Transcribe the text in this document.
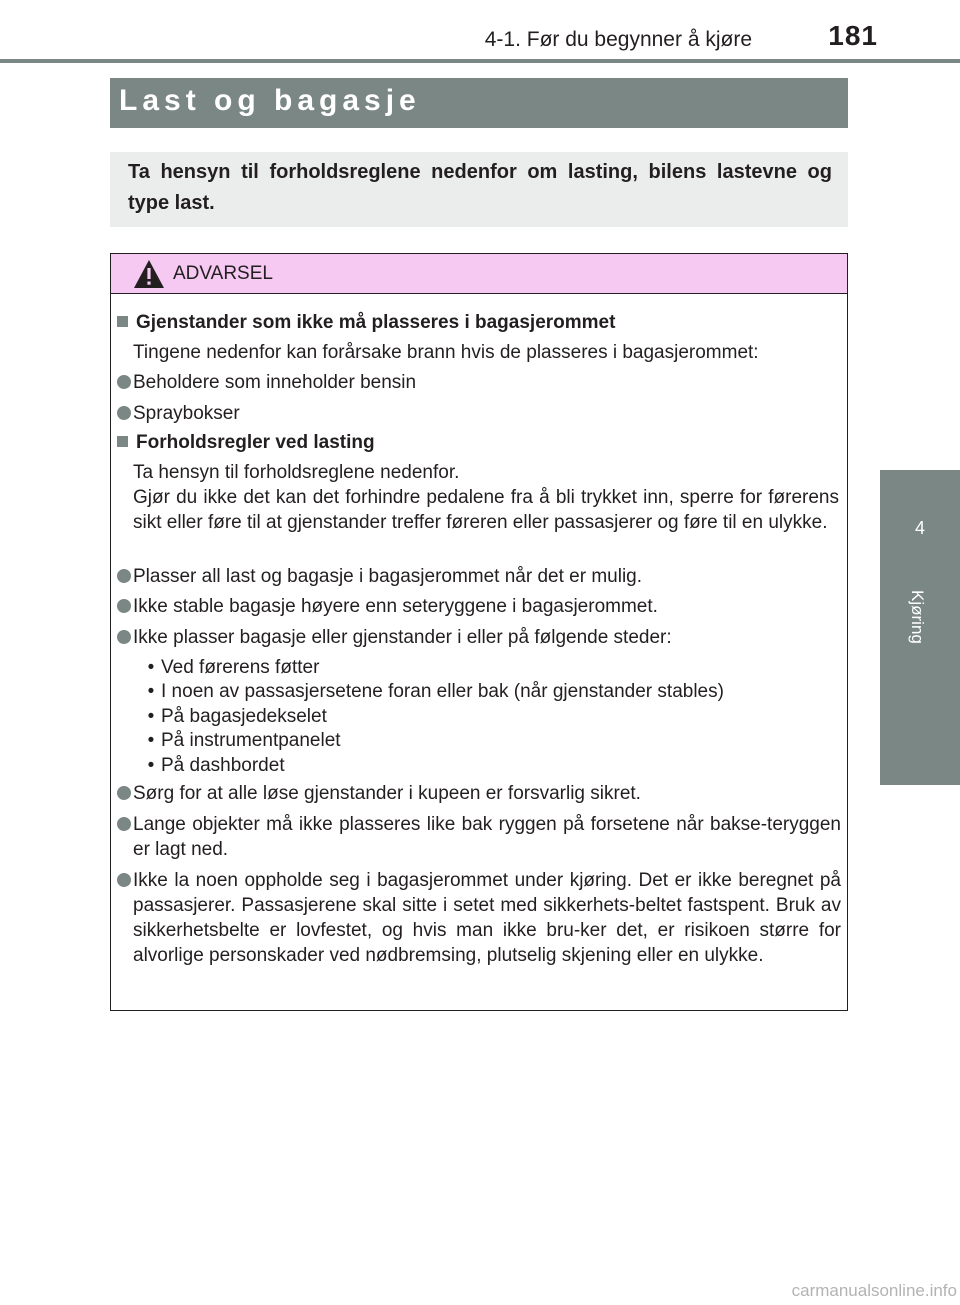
4-1. Før du begynner å kjøre	181
4
Kjøring
Last og bagasje
Ta hensyn til forholdsreglene nedenfor om lasting, bilens lastevne og type last.
ADVARSEL
Gjenstander som ikke må plasseres i bagasjerommet
Tingene nedenfor kan forårsake brann hvis de plasseres i bagasjerommet:
Beholdere som inneholder bensin
Spraybokser
Forholdsregler ved lasting
Ta hensyn til forholdsreglene nedenfor.
Gjør du ikke det kan det forhindre pedalene fra å bli trykket inn, sperre for førerens sikt eller føre til at gjenstander treffer føreren eller passasjerer og føre til en ulykke.
Plasser all last og bagasje i bagasjerommet når det er mulig.
Ikke stable bagasje høyere enn seteryggene i bagasjerommet.
Ikke plasser bagasje eller gjenstander i eller på følgende steder:
• Ved førerens føtter
• I noen av passasjersetene foran eller bak (når gjenstander stables)
• På bagasjedekselet
• På instrumentpanelet
• På dashbordet
Sørg for at alle løse gjenstander i kupeen er forsvarlig sikret.
Lange objekter må ikke plasseres like bak ryggen på forsetene når bakse-teryggen er lagt ned.
Ikke la noen oppholde seg i bagasjerommet under kjøring. Det er ikke beregnet på passasjerer. Passasjerene skal sitte i setet med sikkerhets-beltet fastspent. Bruk av sikkerhetsbelte er lovfestet, og hvis man ikke bru-ker det, er risikoen større for alvorlige personskader ved nødbremsing, plutselig skjening eller en ulykke.
carmanualsonline.info
